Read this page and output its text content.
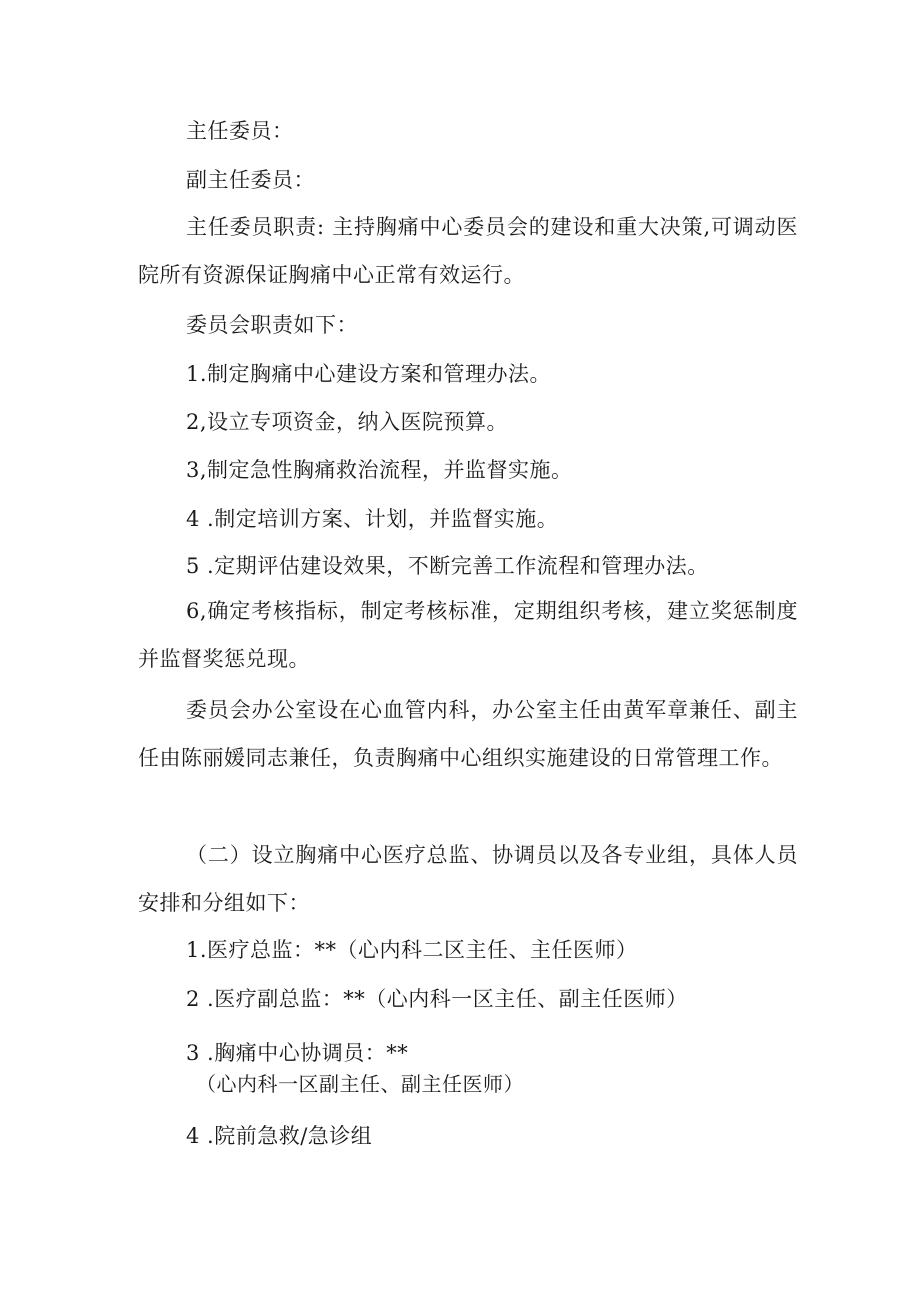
主任委员：
副主任委员：
主任委员职责: 主持胸痛中心委员会的建设和重大决策,可调动医院所有资源保证胸痛中心正常有效运行。
委员会职责如下：
1.制定胸痛中心建设方案和管理办法。
2,设立专项资金，纳入医院预算。
3,制定急性胸痛救治流程，并监督实施。
4 .制定培训方案、计划，并监督实施。
5 .定期评估建设效果，不断完善工作流程和管理办法。
6,确定考核指标，制定考核标准，定期组织考核，建立奖惩制度并监督奖惩兑现。
委员会办公室设在心血管内科，办公室主任由黄军章兼任、副主任由陈丽媛同志兼任，负责胸痛中心组织实施建设的日常管理工作。
（二）设立胸痛中心医疗总监、协调员以及各专业组，具体人员安排和分组如下：
1.医疗总监：**（心内科二区主任、主任医师）
2 .医疗副总监：**（心内科一区主任、副主任医师）
3 .胸痛中心协调员：**
（心内科一区副主任、副主任医师）
4 .院前急救/急诊组
